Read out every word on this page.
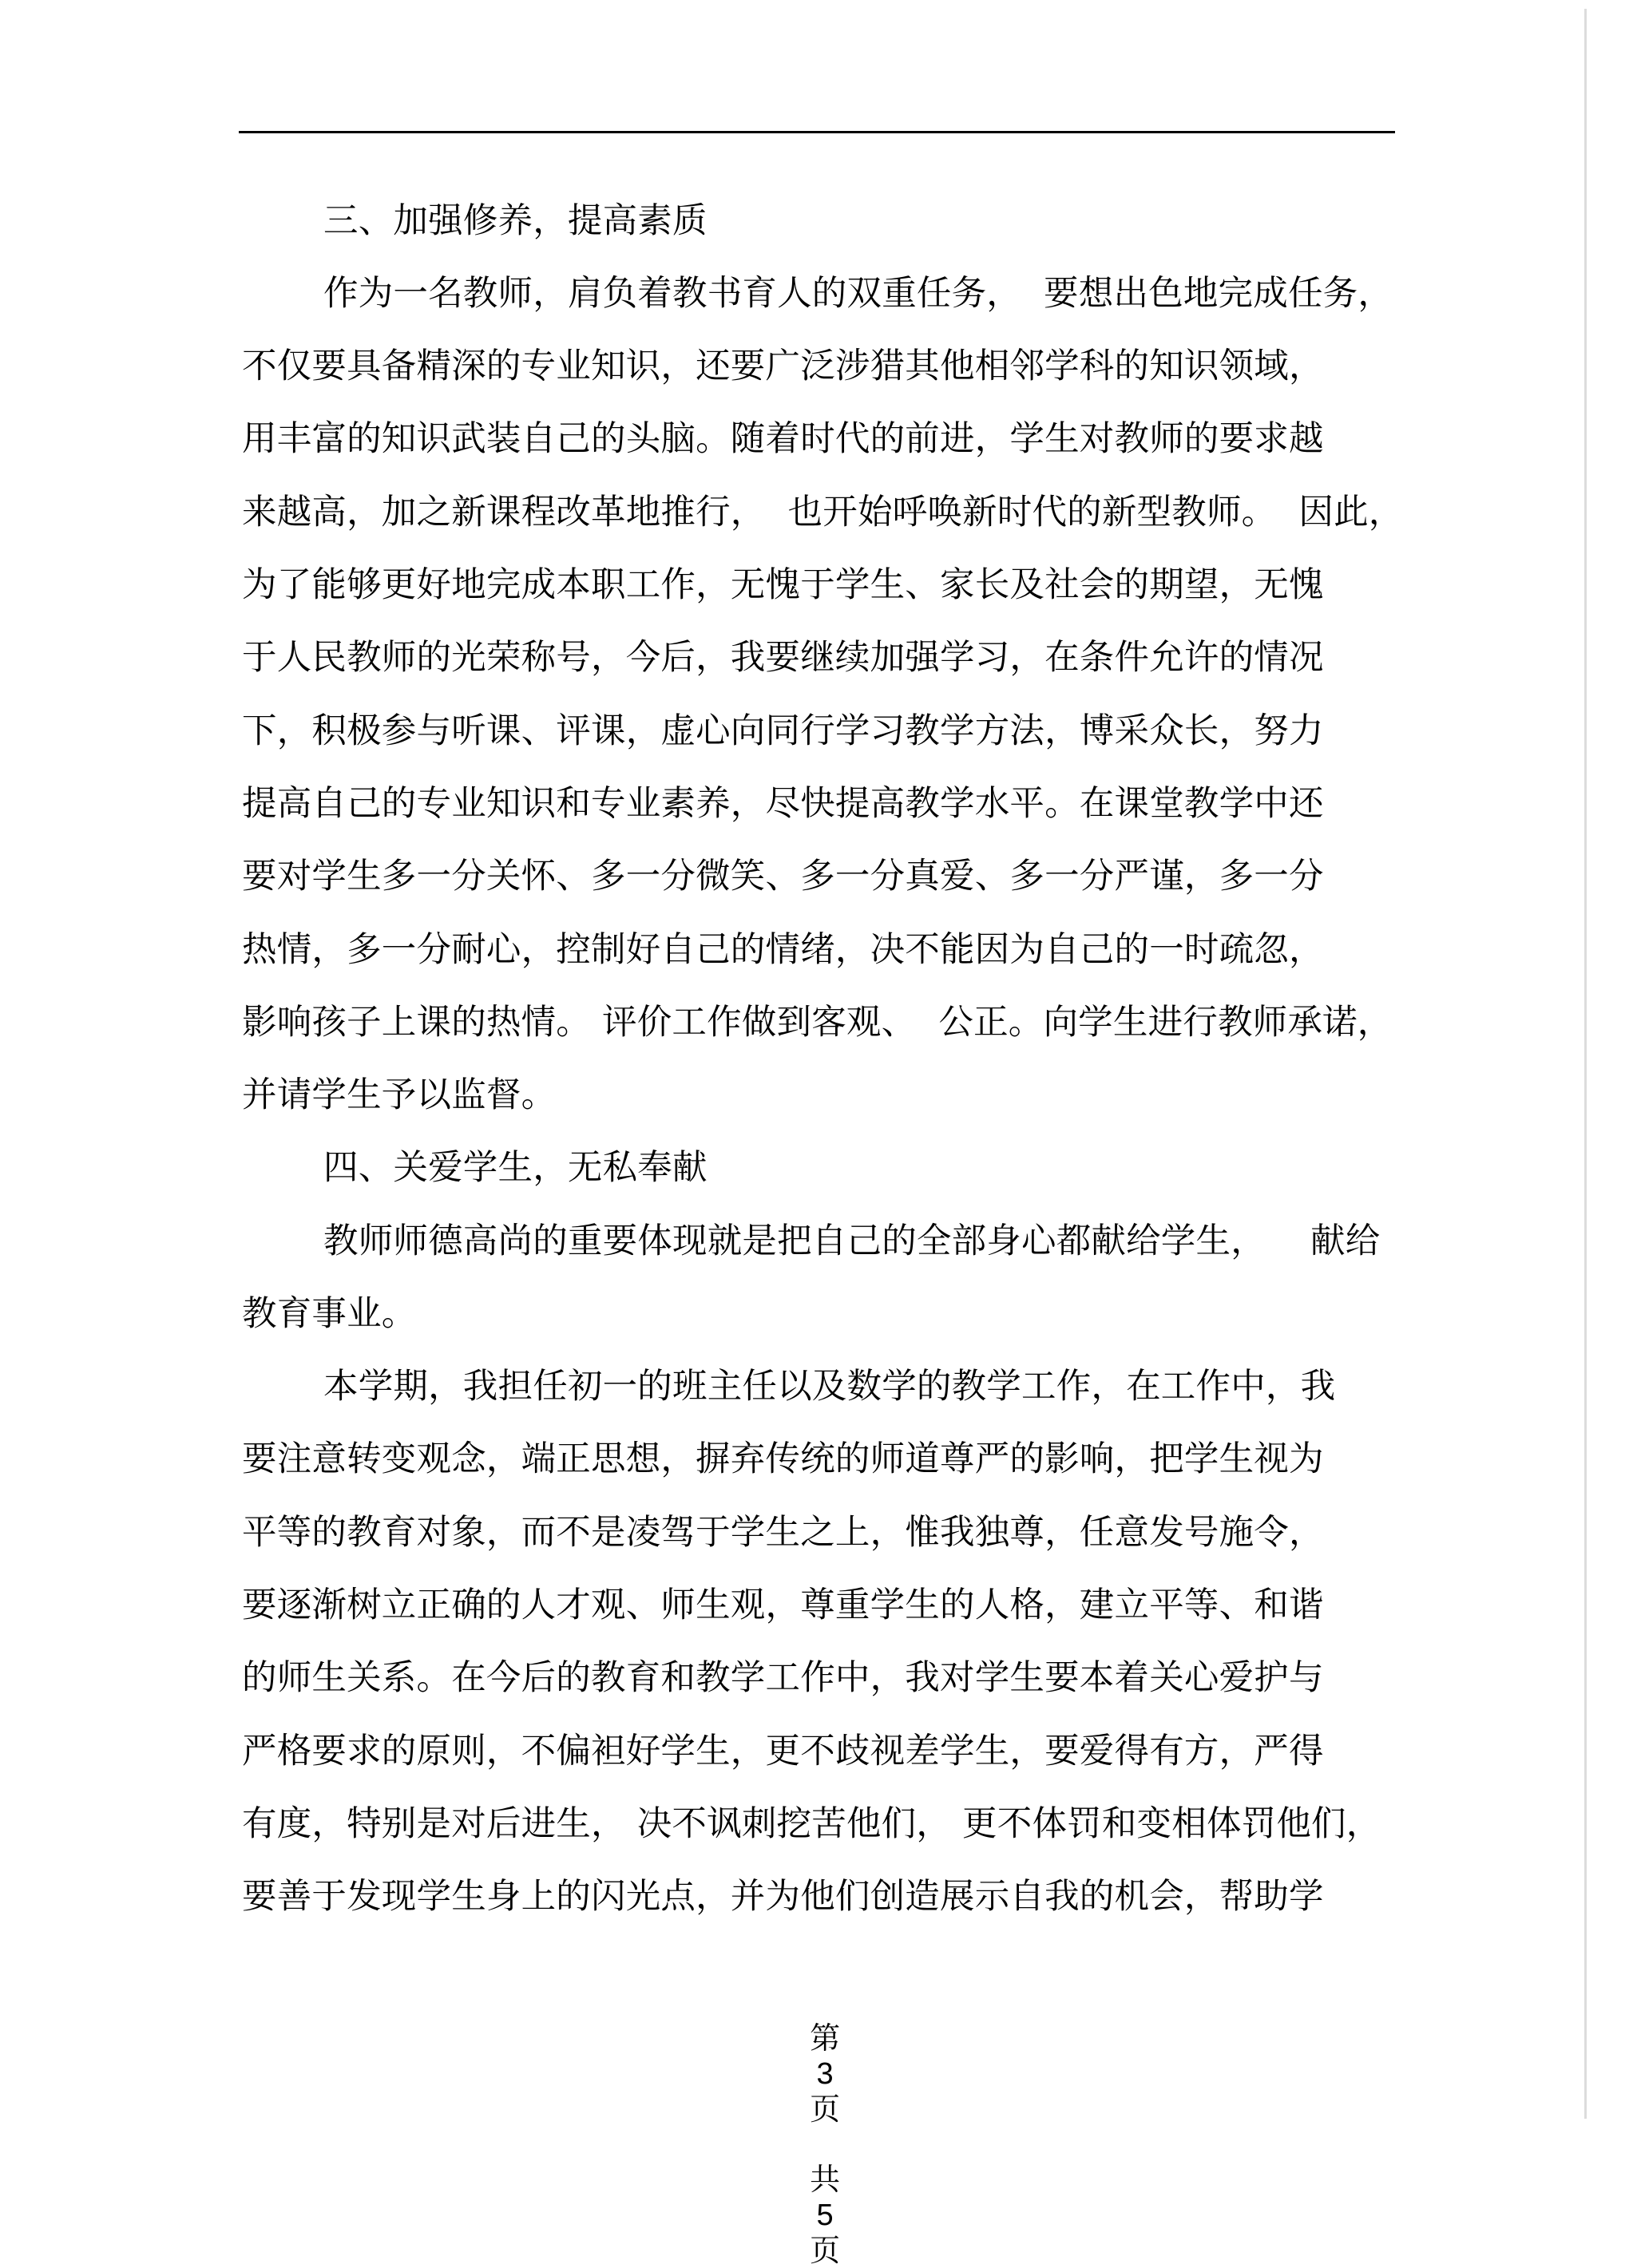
三、加强修养，提高素质
作为一名教师，肩负着教书育人的双重任务，  要想出色地完成任务，
不仅要具备精深的专业知识，还要广泛涉猎其他相邻学科的知识领域，
用丰富的知识武装自己的头脑。随着时代的前进，学生对教师的要求越
来越高，加之新课程改革地推行，  也开始呼唤新时代的新型教师。  因此，
为了能够更好地完成本职工作，无愧于学生、家长及社会的期望，无愧
于人民教师的光荣称号，今后，我要继续加强学习，在条件允许的情况
下，积极参与听课、评课，虚心向同行学习教学方法，博采众长，努力
提高自己的专业知识和专业素养，尽快提高教学水平。在课堂教学中还
要对学生多一分关怀、多一分微笑、多一分真爱、多一分严谨，多一分
热情，多一分耐心，控制好自己的情绪，决不能因为自己的一时疏忽，
影响孩子上课的热情。 评价工作做到客观、  公正。向学生进行教师承诺，
并请学生予以监督。
四、关爱学生，无私奉献
教师师德高尚的重要体现就是把自己的全部身心都献给学生，    献给
教育事业。
本学期，我担任初一的班主任以及数学的教学工作，在工作中，我
要注意转变观念，端正思想，摒弃传统的师道尊严的影响，把学生视为
平等的教育对象，而不是凌驾于学生之上，惟我独尊，任意发号施令，
要逐渐树立正确的人才观、师生观，尊重学生的人格，建立平等、和谐
的师生关系。在今后的教育和教学工作中，我对学生要本着关心爱护与
严格要求的原则，不偏袒好学生，更不歧视差学生，要爱得有方，严得
有度，特别是对后进生， 决不讽刺挖苦他们， 更不体罚和变相体罚他们，
要善于发现学生身上的闪光点，并为他们创造展示自我的机会，帮助学

第
3
页

共
5
页
